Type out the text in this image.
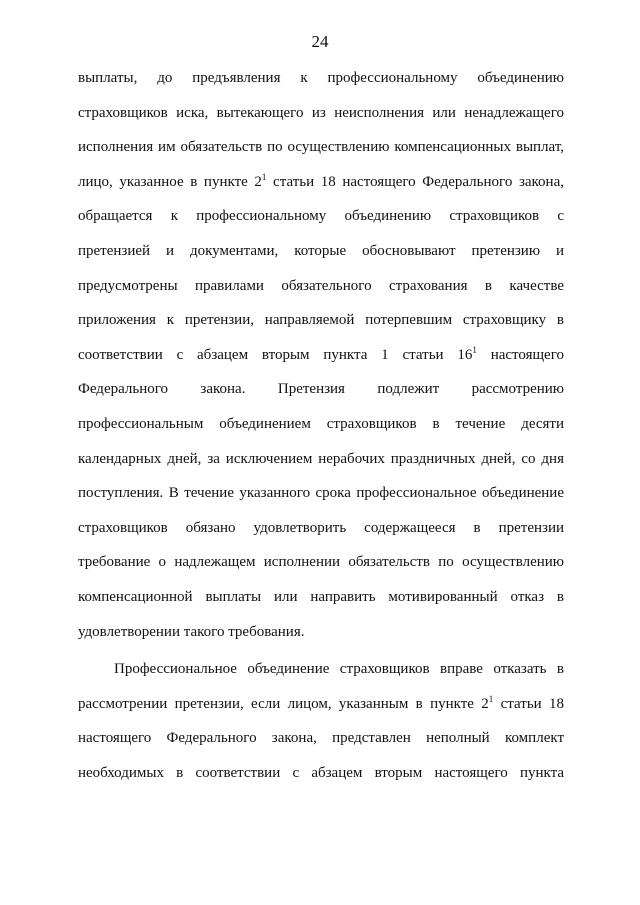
24
выплаты, до предъявления к профессиональному объединению
страховщиков иска, вытекающего из неисполнения или ненадлежащего
исполнения им обязательств по осуществлению компенсационных выплат,
лицо, указанное в пункте $2^1$ статьи 18 настоящего Федерального закона,
обращается к профессиональному объединению страховщиков с
претензией и документами, которые обосновывают претензию и
предусмотрены правилами обязательного страхования в качестве
приложения к претензии, направляемой потерпевшим страховщику в
соответствии с абзацем вторым пункта 1 статьи $16^1$ настоящего
Федерального закона. Претензия подлежит рассмотрению
профессиональным объединением страховщиков в течение десяти
календарных дней, за исключением нерабочих праздничных дней, со дня
поступления. В течение указанного срока профессиональное объединение
страховщиков обязано удовлетворить содержащееся в претензии
требование о надлежащем исполнении обязательств по осуществлению
компенсационной выплаты или направить мотивированный отказ в
удовлетворении такого требования.
Профессиональное объединение страховщиков вправе отказать в
рассмотрении претензии, если лицом, указанным в пункте $2^1$ статьи 18
настоящего Федерального закона, представлен неполный комплект
необходимых в соответствии с абзацем вторым настоящего пункта
